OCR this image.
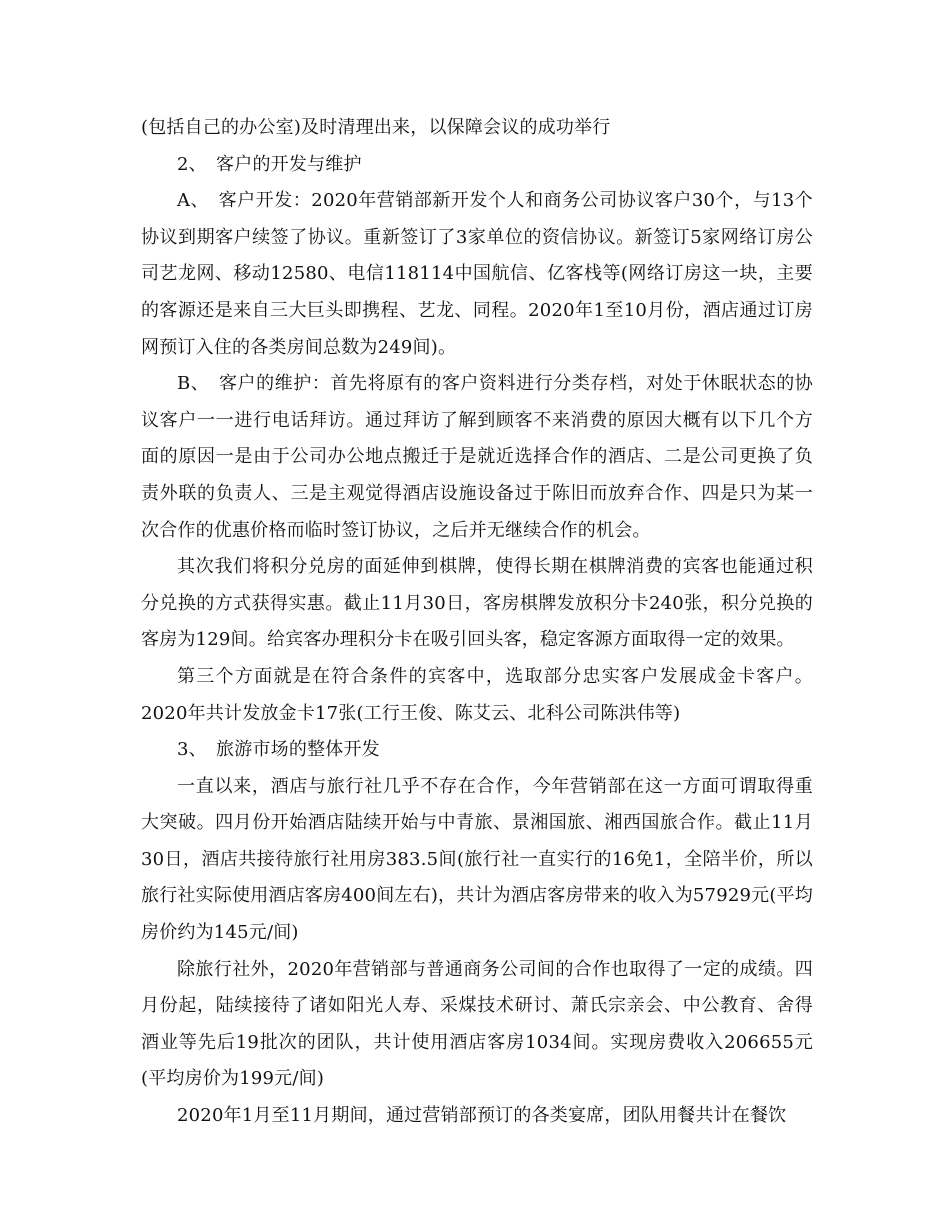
(包括自己的办公室)及时清理出来，以保障会议的成功举行

2、　客户的开发与维护

A、　客户开发：2020年营销部新开发个人和商务公司协议客户30个，与13个协议到期客户续签了协议。重新签订了3家单位的资信协议。新签订5家网络订房公司艺龙网、移动12580、电信118114中国航信、亿客栈等(网络订房这一块，主要的客源还是来自三大巨头即携程、艺龙、同程。2020年1至10月份，酒店通过订房网预订入住的各类房间总数为249间)。

B、　客户的维护：首先将原有的客户资料进行分类存档，对处于休眠状态的协议客户一一进行电话拜访。通过拜访了解到顾客不来消费的原因大概有以下几个方面的原因一是由于公司办公地点搬迁于是就近选择合作的酒店、二是公司更换了负责外联的负责人、三是主观觉得酒店设施设备过于陈旧而放弃合作、四是只为某一次合作的优惠价格而临时签订协议，之后并无继续合作的机会。

其次我们将积分兑房的面延伸到棋牌，使得长期在棋牌消费的宾客也能通过积分兑换的方式获得实惠。截止11月30日，客房棋牌发放积分卡240张，积分兑换的客房为129间。给宾客办理积分卡在吸引回头客，稳定客源方面取得一定的效果。

第三个方面就是在符合条件的宾客中，选取部分忠实客户发展成金卡客户。2020年共计发放金卡17张(工行王俊、陈艾云、北科公司陈洪伟等)

3、　旅游市场的整体开发

一直以来，酒店与旅行社几乎不存在合作，今年营销部在这一方面可谓取得重大突破。四月份开始酒店陆续开始与中青旅、景湘国旅、湘西国旅合作。截止11月30日，酒店共接待旅行社用房383.5间(旅行社一直实行的16免1，全陪半价，所以旅行社实际使用酒店客房400间左右)，共计为酒店客房带来的收入为57929元(平均房价约为145元/间)

除旅行社外，2020年营销部与普通商务公司间的合作也取得了一定的成绩。四月份起，陆续接待了诸如阳光人寿、采煤技术研讨、萧氏宗亲会、中公教育、舍得酒业等先后19批次的团队，共计使用酒店客房1034间。实现房费收入206655元(平均房价为199元/间)

2020年1月至11月期间，通过营销部预订的各类宴席，团队用餐共计在餐饮
